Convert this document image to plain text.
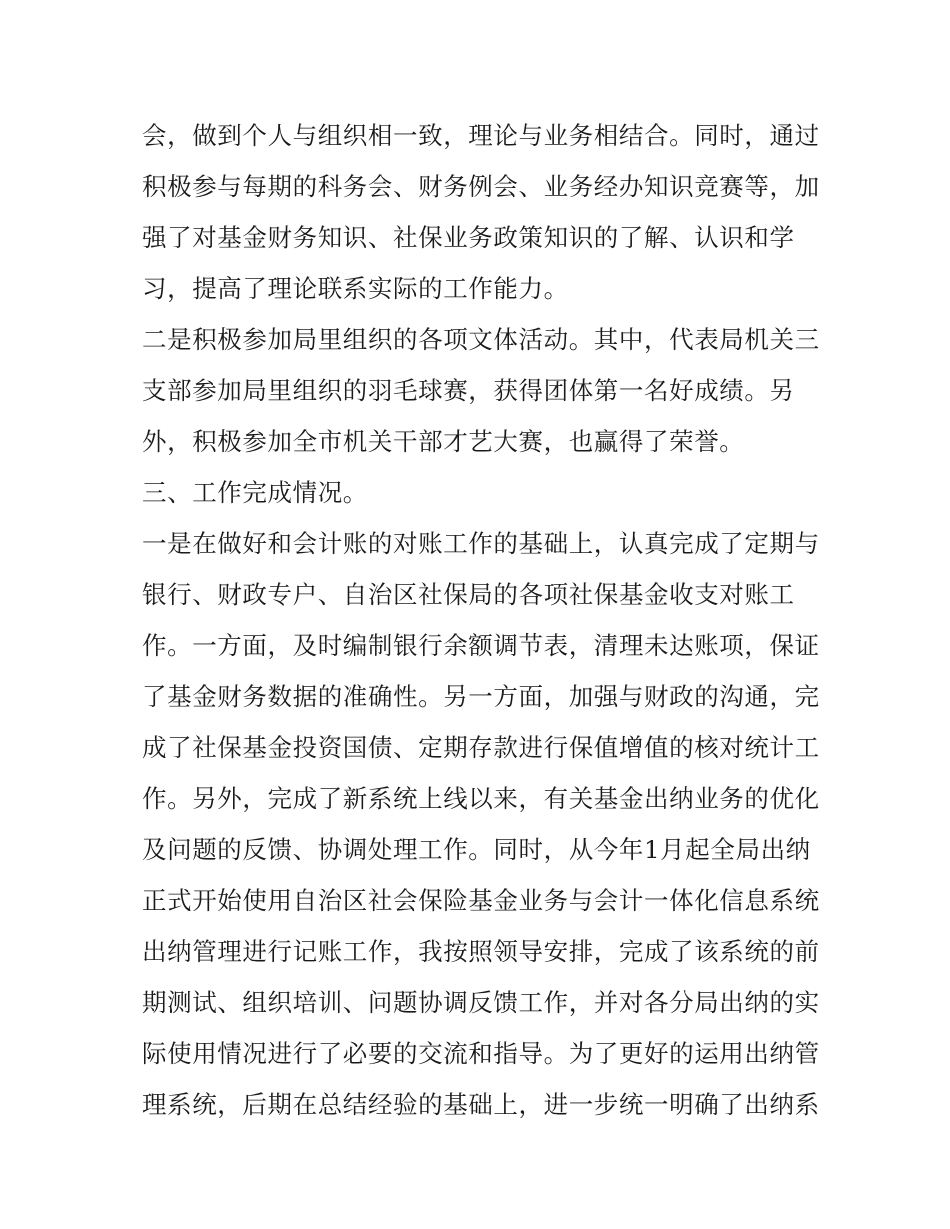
会，做到个人与组织相一致，理论与业务相结合。同时，通过
积极参与每期的科务会、财务例会、业务经办知识竞赛等，加
强了对基金财务知识、社保业务政策知识的了解、认识和学
习，提高了理论联系实际的工作能力。
二是积极参加局里组织的各项文体活动。其中，代表局机关三
支部参加局里组织的羽毛球赛，获得团体第一名好成绩。另
外，积极参加全市机关干部才艺大赛，也赢得了荣誉。
三、工作完成情况。
一是在做好和会计账的对账工作的基础上，认真完成了定期与
银行、财政专户、自治区社保局的各项社保基金收支对账工
作。一方面，及时编制银行余额调节表，清理未达账项，保证
了基金财务数据的准确性。另一方面，加强与财政的沟通，完
成了社保基金投资国债、定期存款进行保值增值的核对统计工
作。另外，完成了新系统上线以来，有关基金出纳业务的优化
及问题的反馈、协调处理工作。同时，从今年1月起全局出纳
正式开始使用自治区社会保险基金业务与会计一体化信息系统
出纳管理进行记账工作，我按照领导安排，完成了该系统的前
期测试、组织培训、问题协调反馈工作，并对各分局出纳的实
际使用情况进行了必要的交流和指导。为了更好的运用出纳管
理系统，后期在总结经验的基础上，进一步统一明确了出纳系
